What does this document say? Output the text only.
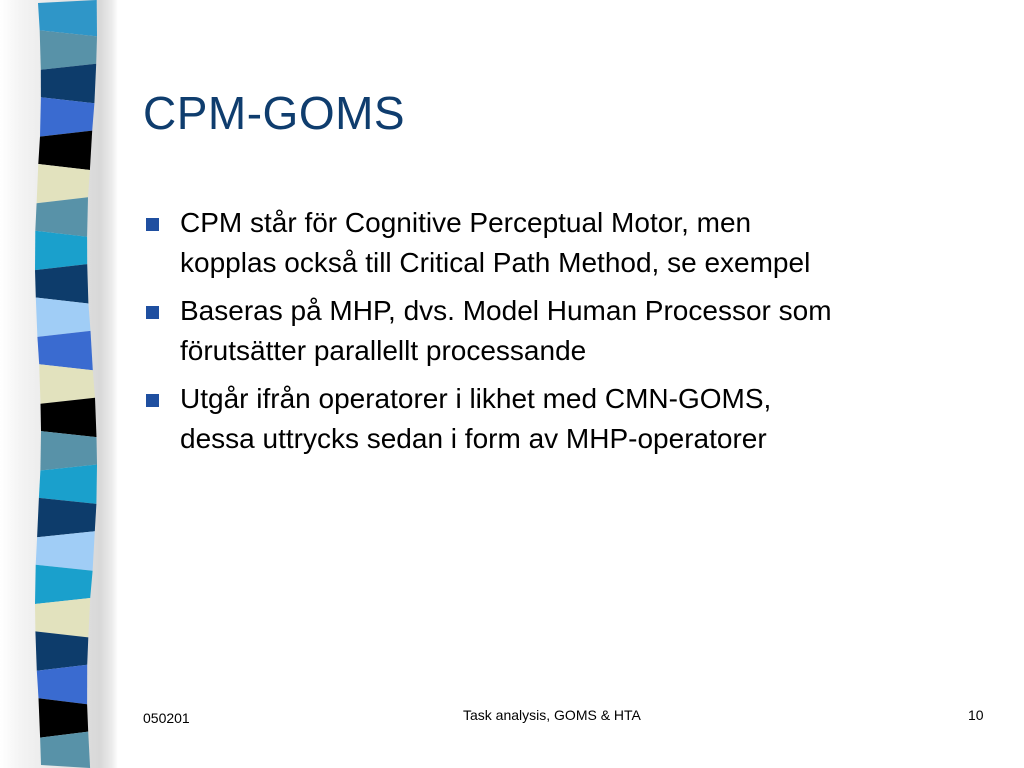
CPM-GOMS
CPM står för Cognitive Perceptual Motor, men
kopplas också till Critical Path Method, se exempel
Baseras på MHP, dvs. Model Human Processor som
förutsätter parallellt processande
Utgår ifrån operatorer i likhet med CMN-GOMS,
dessa uttrycks sedan i form av MHP-operatorer
050201	Task analysis, GOMS & HTA	10
